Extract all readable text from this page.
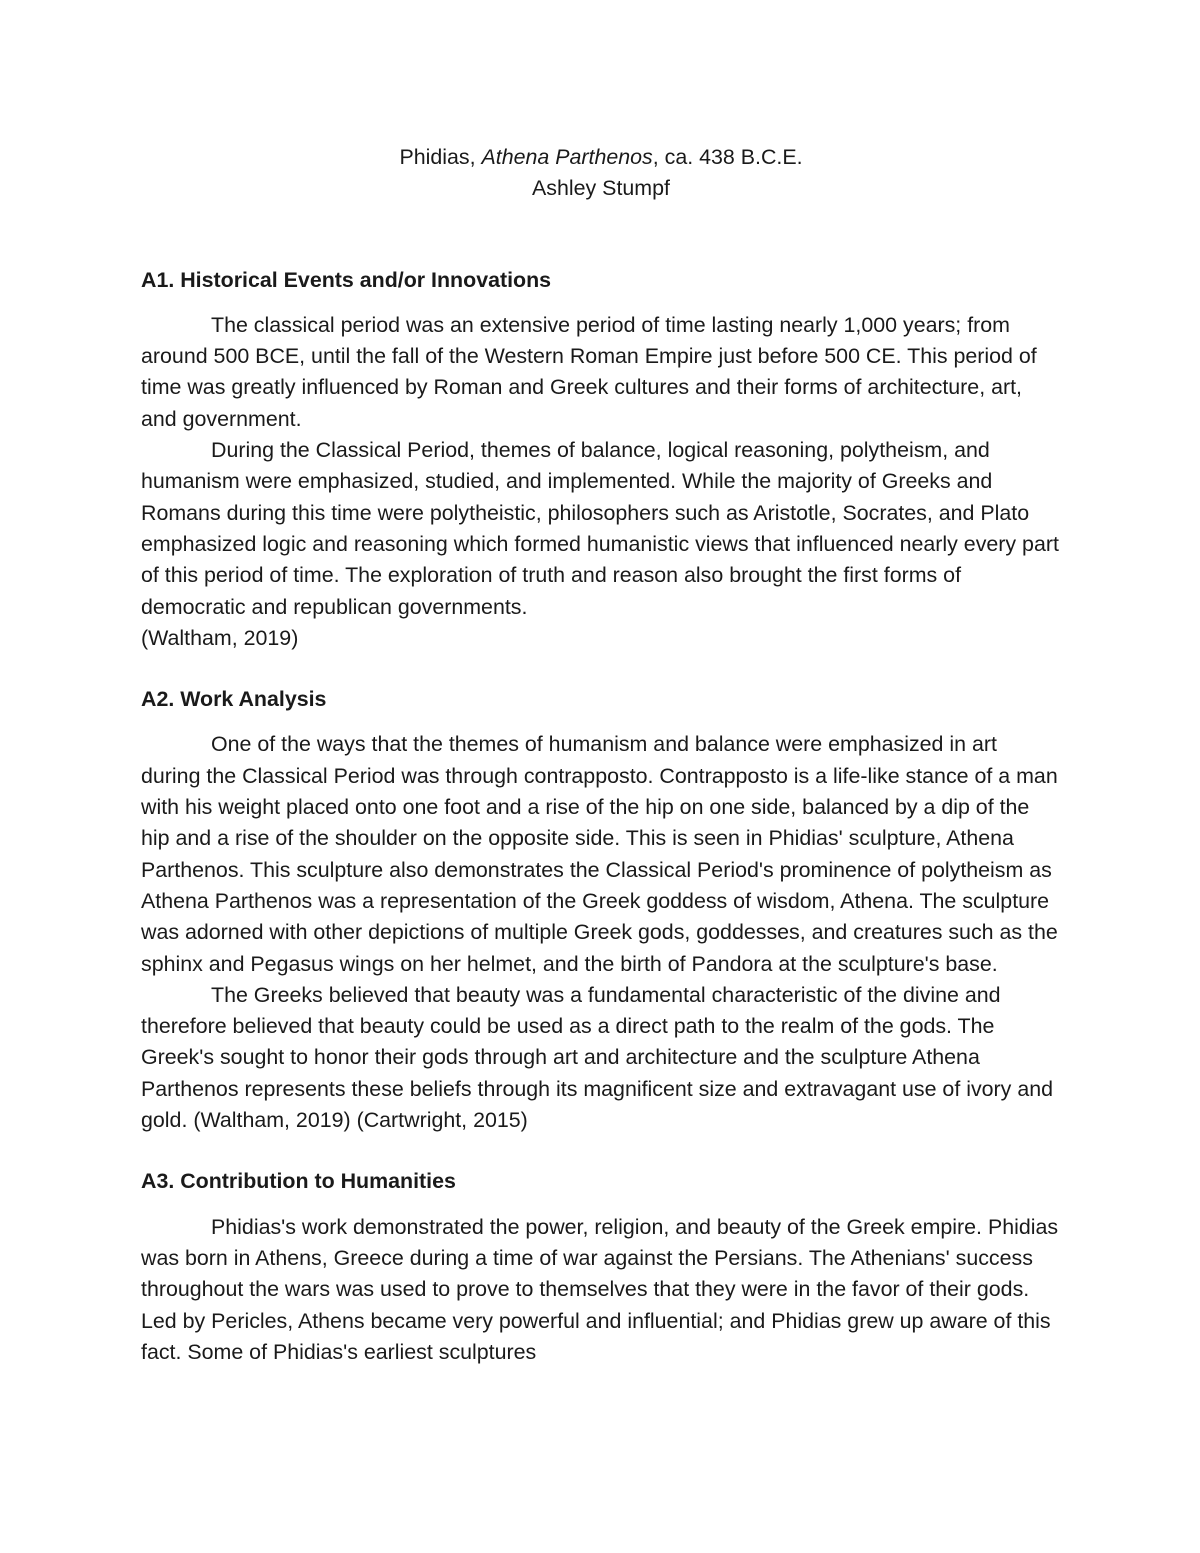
Phidias, Athena Parthenos, ca. 438 B.C.E.
Ashley Stumpf

A1. Historical Events and/or Innovations

The classical period was an extensive period of time lasting nearly 1,000 years; from around 500 BCE, until the fall of the Western Roman Empire just before 500 CE. This period of time was greatly influenced by Roman and Greek cultures and their forms of architecture, art, and government.

During the Classical Period, themes of balance, logical reasoning, polytheism, and humanism were emphasized, studied, and implemented. While the majority of Greeks and Romans during this time were polytheistic, philosophers such as Aristotle, Socrates, and Plato emphasized logic and reasoning which formed humanistic views that influenced nearly every part of this period of time. The exploration of truth and reason also brought the first forms of democratic and republican governments.

(Waltham, 2019)

A2. Work Analysis

One of the ways that the themes of humanism and balance were emphasized in art during the Classical Period was through contrapposto. Contrapposto is a life-like stance of a man with his weight placed onto one foot and a rise of the hip on one side, balanced by a dip of the hip and a rise of the shoulder on the opposite side. This is seen in Phidias' sculpture, Athena Parthenos. This sculpture also demonstrates the Classical Period's prominence of polytheism as Athena Parthenos was a representation of the Greek goddess of wisdom, Athena. The sculpture was adorned with other depictions of multiple Greek gods, goddesses, and creatures such as the sphinx and Pegasus wings on her helmet, and the birth of Pandora at the sculpture's base.

The Greeks believed that beauty was a fundamental characteristic of the divine and therefore believed that beauty could be used as a direct path to the realm of the gods. The Greek's sought to honor their gods through art and architecture and the sculpture Athena Parthenos represents these beliefs through its magnificent size and extravagant use of ivory and gold. (Waltham, 2019) (Cartwright, 2015)

A3. Contribution to Humanities

Phidias's work demonstrated the power, religion, and beauty of the Greek empire. Phidias was born in Athens, Greece during a time of war against the Persians. The Athenians' success throughout the wars was used to prove to themselves that they were in the favor of their gods. Led by Pericles, Athens became very powerful and influential; and Phidias grew up aware of this fact. Some of Phidias's earliest sculptures
